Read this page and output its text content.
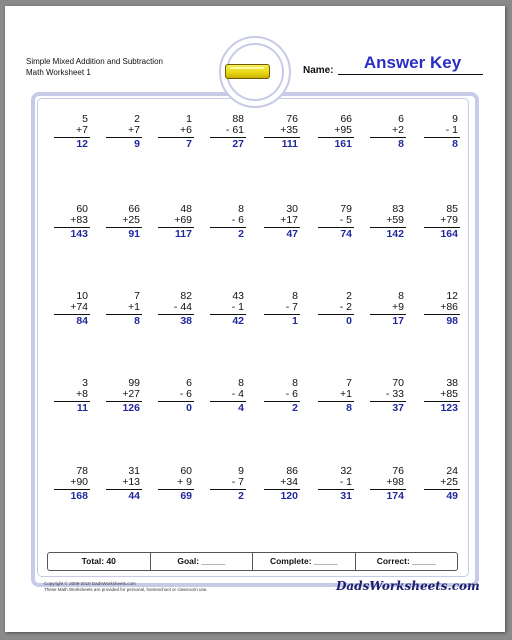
Simple Mixed Addition and Subtraction
Math Worksheet 1	Name:	Answer Key
5
+7
12
2
+7
9
1
+6
7
88
- 61
27
76
+35
111
66
+95
161
6
+2
8
9
- 1
8
60
+83
143
66
+25
91
48
+69
117
8
- 6
2
30
+17
47
79
- 5
74
83
+59
142
85
+79
164
10
+74
84
7
+1
8
82
- 44
38
43
- 1
42
8
- 7
1
2
- 2
0
8
+9
17
12
+86
98
3
+8
11
99
+27
126
6
- 6
0
8
- 4
4
8
- 6
2
7
+1
8
70
- 33
37
38
+85
123
78
+90
168
31
+13
44
60
+ 9
69
9
- 7
2
86
+34
120
32
- 1
31
76
+98
174
24
+25
49
Total: 40	Goal: _____	Complete: _____	Correct: _____
Copyright © 2008-2018 DadsWorksheets.com
These Math Worksheets are provided for personal, homeschool or classroom use.	DadsWorksheets.com
